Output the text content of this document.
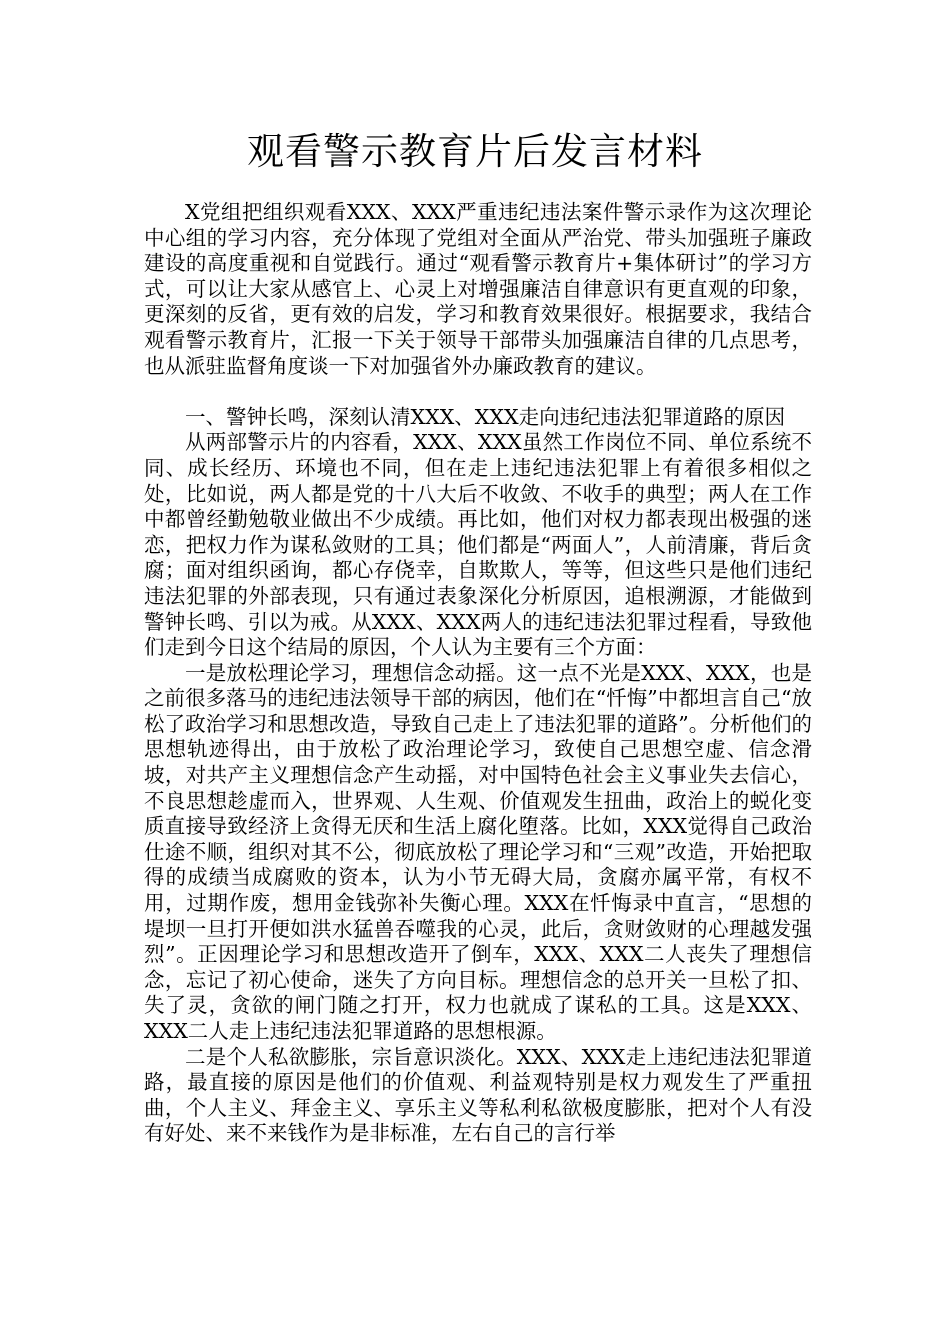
观看警示教育片后发言材料

X党组把组织观看XXX、XXX严重违纪违法案件警示录作为这次理论中心组的学习内容，充分体现了党组对全面从严治党、带头加强班子廉政建设的高度重视和自觉践行。通过“观看警示教育片+集体研讨”的学习方式，可以让大家从感官上、心灵上对增强廉洁自律意识有更直观的印象，更深刻的反省，更有效的启发，学习和教育效果很好。根据要求，我结合观看警示教育片，汇报一下关于领导干部带头加强廉洁自律的几点思考，也从派驻监督角度谈一下对加强省外办廉政教育的建议。

一、警钟长鸣，深刻认清XXX、XXX走向违纪违法犯罪道路的原因

从两部警示片的内容看，XXX、XXX虽然工作岗位不同、单位系统不同、成长经历、环境也不同，但在走上违纪违法犯罪上有着很多相似之处，比如说，两人都是党的十八大后不收敛、不收手的典型；两人在工作中都曾经勤勉敬业做出不少成绩。再比如，他们对权力都表现出极强的迷恋，把权力作为谋私敛财的工具；他们都是“两面人”，人前清廉，背后贪腐；面对组织函询，都心存侥幸，自欺欺人，等等，但这些只是他们违纪违法犯罪的外部表现，只有通过表象深化分析原因，追根溯源，才能做到警钟长鸣、引以为戒。从XXX、XXX两人的违纪违法犯罪过程看，导致他们走到今日这个结局的原因，个人认为主要有三个方面：

一是放松理论学习，理想信念动摇。这一点不光是XXX、XXX，也是之前很多落马的违纪违法领导干部的病因，他们在“忏悔”中都坦言自己“放松了政治学习和思想改造，导致自己走上了违法犯罪的道路”。分析他们的思想轨迹得出，由于放松了政治理论学习，致使自己思想空虚、信念滑坡，对共产主义理想信念产生动摇，对中国特色社会主义事业失去信心，不良思想趁虚而入，世界观、人生观、价值观发生扭曲，政治上的蜕化变质直接导致经济上贪得无厌和生活上腐化堕落。比如，XXX觉得自己政治仕途不顺，组织对其不公，彻底放松了理论学习和“三观”改造，开始把取得的成绩当成腐败的资本，认为小节无碍大局，贪腐亦属平常，有权不用，过期作废，想用金钱弥补失衡心理。XXX在忏悔录中直言，“思想的堤坝一旦打开便如洪水猛兽吞噬我的心灵，此后，贪财敛财的心理越发强烈”。正因理论学习和思想改造开了倒车，XXX、XXX二人丧失了理想信念，忘记了初心使命，迷失了方向目标。理想信念的总开关一旦松了扣、失了灵，贪欲的闸门随之打开，权力也就成了谋私的工具。这是XXX、XXX二人走上违纪违法犯罪道路的思想根源。

二是个人私欲膨胀，宗旨意识淡化。XXX、XXX走上违纪违法犯罪道路，最直接的原因是他们的价值观、利益观特别是权力观发生了严重扭曲，个人主义、拜金主义、享乐主义等私利私欲极度膨胀，把对个人有没有好处、来不来钱作为是非标准，左右自己的言行举
